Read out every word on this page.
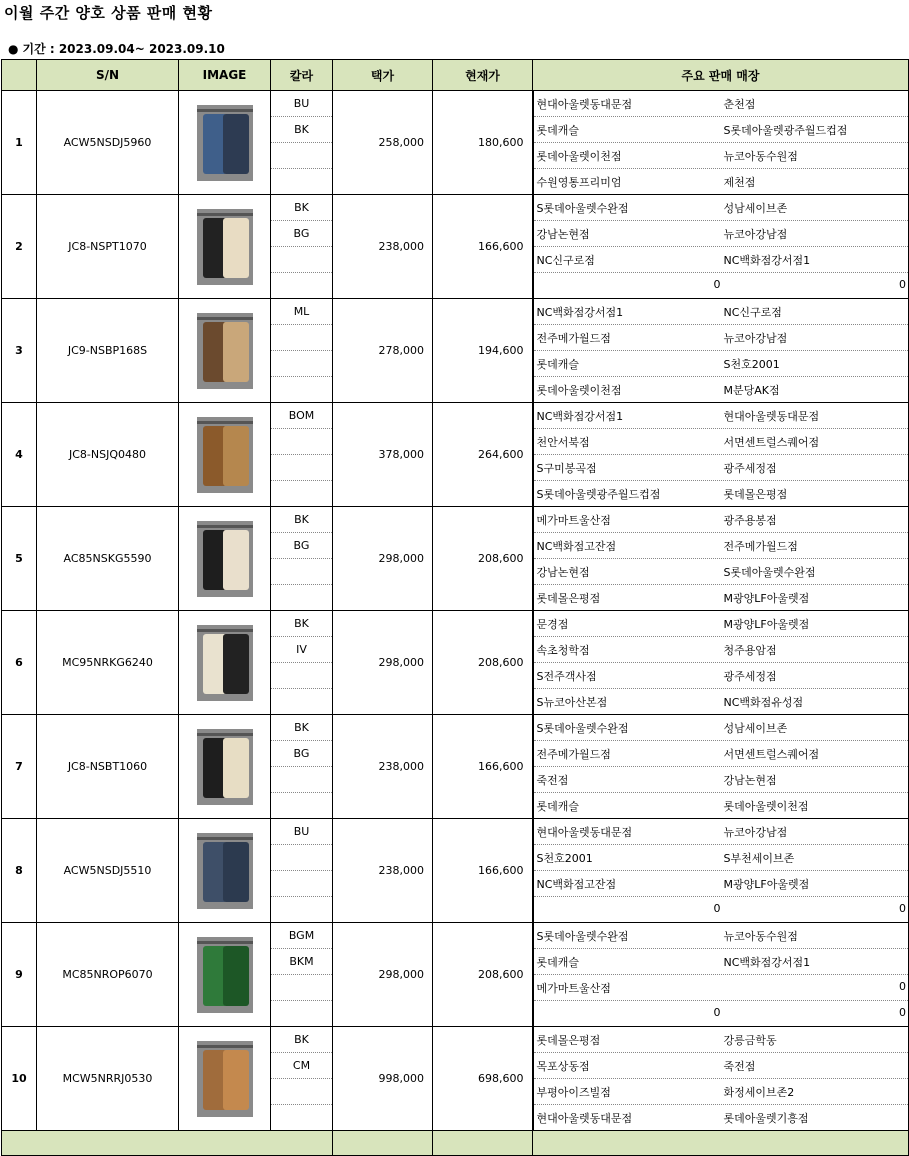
이월 주간 양호 상품 판매 현황
● 기간 : 2023.09.04~ 2023.09.10
	S/N	IMAGE	칼라	택가	현재가	주요 판매 매장
1	ACW5NSDJ5960		BU	258,000	180,600	현대아울렛동대문점 춘천점

			BK			롯데캐슬 S롯데아울렛광주월드컵점

						롯데아울렛이천점 뉴코아동수원점

						수원영통프리미엄 제천점

2	JC8-NSPT1070		BK	238,000	166,600	S롯데아울렛수완점 성남세이브존

			BG			강남논현점 뉴코아강남점

						NC신구로점 NC백화점강서점1

						0 0

3	JC9-NSBP168S		ML	278,000	194,600	NC백화점강서점1 NC신구로점

						전주메가월드점 뉴코아강남점

						롯데캐슬 S천호2001

						롯데아울렛이천점 M분당AK점

4	JC8-NSJQ0480		BOM	378,000	264,600	NC백화점강서점1 현대아울렛동대문점

						천안서북점 서면센트럴스퀘어점

						S구미봉곡점 광주세정점

						S롯데아울렛광주월드컵점 롯데몰은평점

5	AC85NSKG5590		BK	298,000	208,600	메가마트울산점 광주용봉점

			BG			NC백화점고잔점 전주메가월드점

						강남논현점 S롯데아울렛수완점

						롯데몰은평점 M광양LF아울렛점

6	MC95NRKG6240		BK	298,000	208,600	문경점 M광양LF아울렛점

			IV			속초청학점 청주용암점

						S전주객사점 광주세정점

						S뉴코아산본점 NC백화점유성점

7	JC8-NSBT1060		BK	238,000	166,600	S롯데아울렛수완점 성남세이브존

			BG			전주메가월드점 서면센트럴스퀘어점

						죽전점 강남논현점

						롯데캐슬 롯데아울렛이천점

8	ACW5NSDJ5510		BU	238,000	166,600	현대아울렛동대문점 뉴코아강남점

						S천호2001 S부천세이브존

						NC백화점고잔점 M광양LF아울렛점

						0 0

9	MC85NROP6070		BGM	298,000	208,600	S롯데아울렛수완점 뉴코아동수원점

			BKM			롯데캐슬 NC백화점강서점1

						메가마트울산점 0

						0 0

10	MCW5NRRJ0530		BK	998,000	698,600	롯데몰은평점 강릉금학동

			CM			목포상동점 죽전점

						부평아이즈빌점 화정세이브존2

						현대아울렛동대문점 롯데아울렛기흥점
